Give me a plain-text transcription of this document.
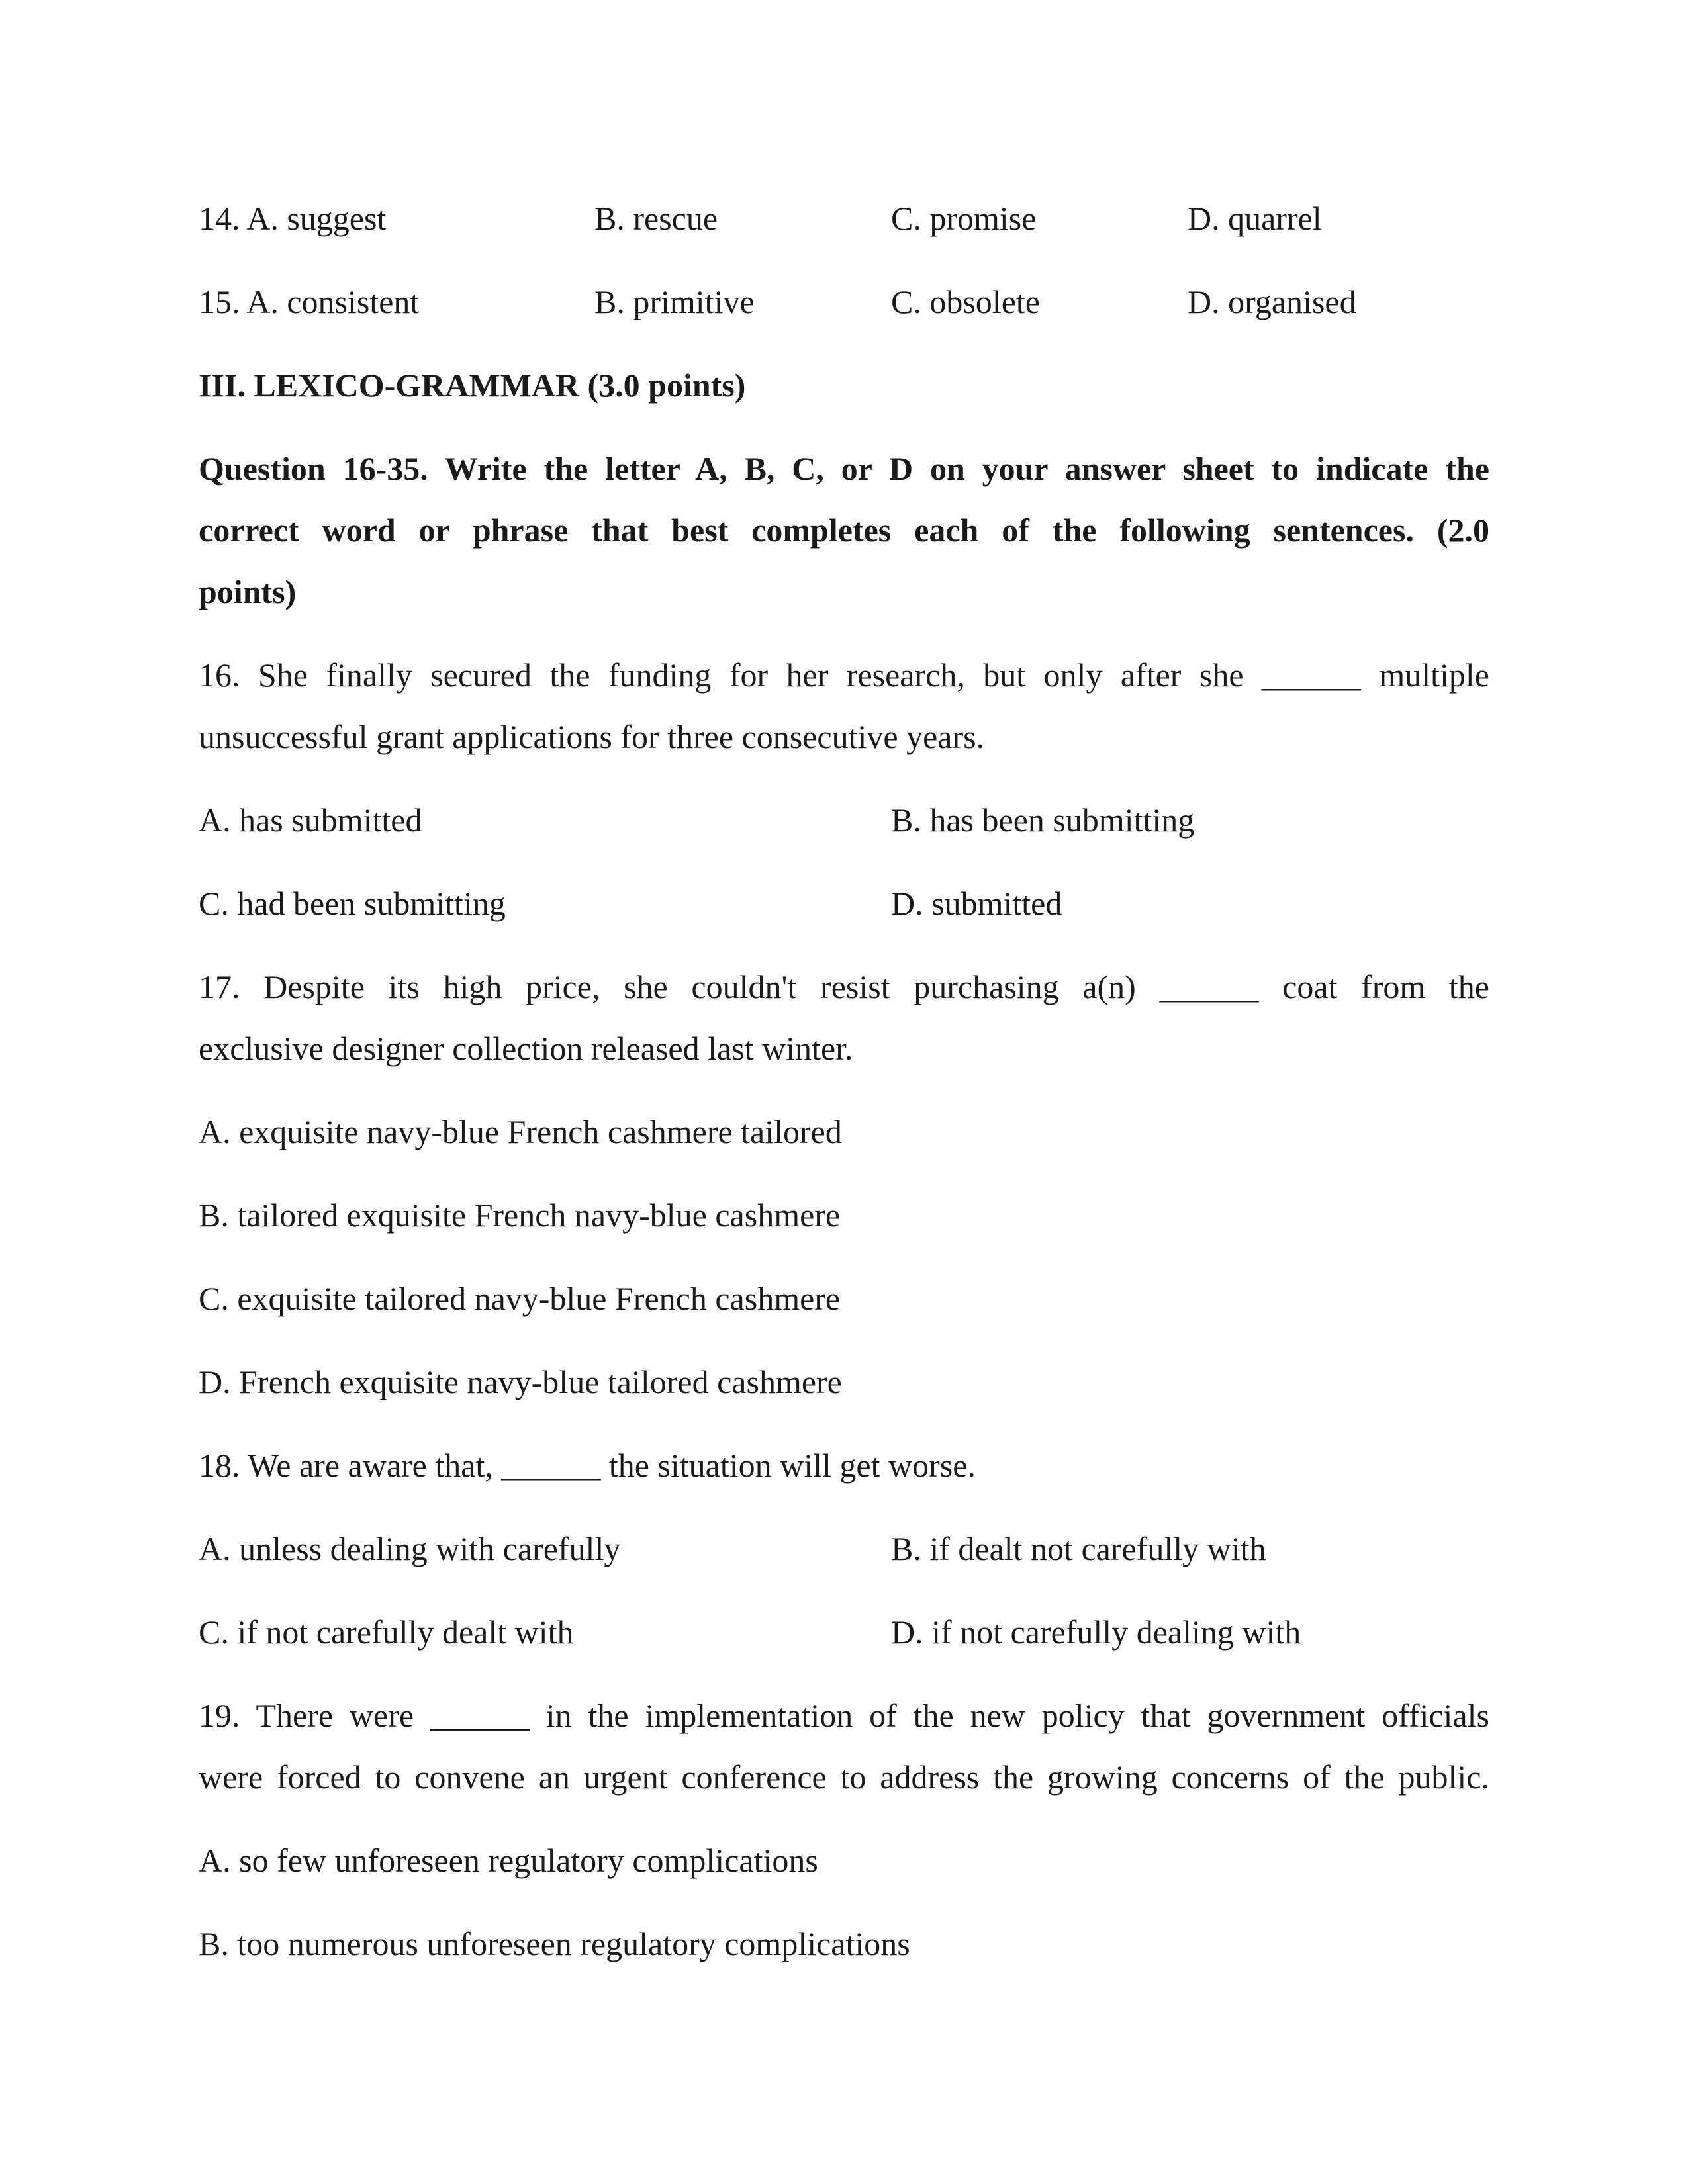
14. A. suggest	B. rescue	C. promise	D. quarrel
15. A. consistent	B. primitive	C. obsolete	D. organised
III. LEXICO-GRAMMAR (3.0 points)
Question 16-35. Write the letter A, B, C, or D on your answer sheet to indicate the
correct word or phrase that best completes each of the following sentences. (2.0
points)
16. She finally secured the funding for her research, but only after she ______ multiple
unsuccessful grant applications for three consecutive years.
A. has submitted	B. has been submitting
C. had been submitting	D. submitted
17. Despite its high price, she couldn't resist purchasing a(n) ______ coat from the
exclusive designer collection released last winter.
A. exquisite navy-blue French cashmere tailored
B. tailored exquisite French navy-blue cashmere
C. exquisite tailored navy-blue French cashmere
D. French exquisite navy-blue tailored cashmere
18. We are aware that, ______ the situation will get worse.
A. unless dealing with carefully	B. if dealt not carefully with
C. if not carefully dealt with	D. if not carefully dealing with
19. There were ______ in the implementation of the new policy that government officials
were forced to convene an urgent conference to address the growing concerns of the public.
A. so few unforeseen regulatory complications
B. too numerous unforeseen regulatory complications
